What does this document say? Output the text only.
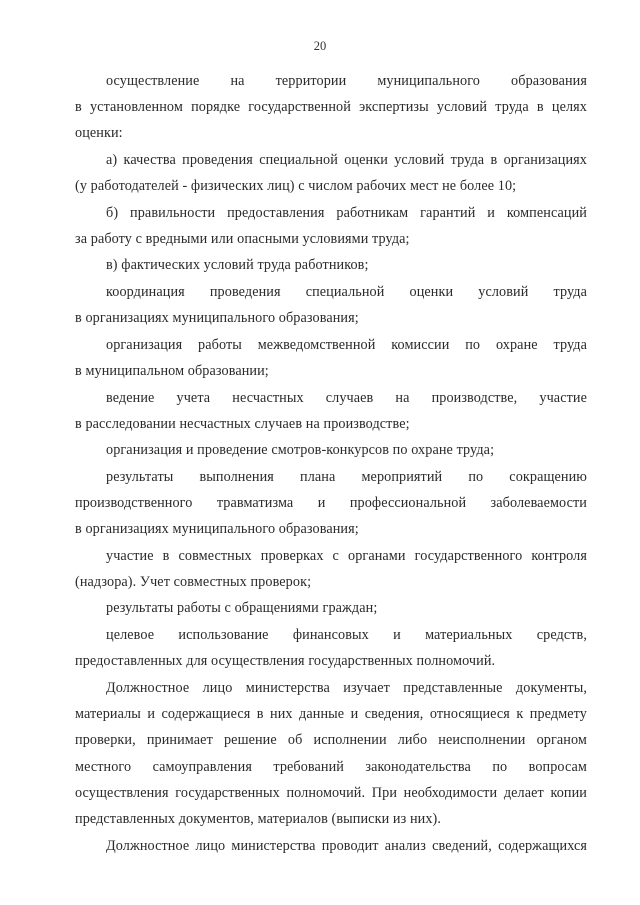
20
осуществление на территории муниципального образования
в установленном порядке государственной экспертизы условий труда в целях
оценки:
а) качества проведения специальной оценки условий труда в организациях
(у работодателей - физических лиц) с числом рабочих мест не более 10;
б) правильности предоставления работникам гарантий и компенсаций
за работу с вредными или опасными условиями труда;
в) фактических условий труда работников;
координация проведения специальной оценки условий труда
в организациях муниципального образования;
организация работы межведомственной комиссии по охране труда
в муниципальном образовании;
ведение учета несчастных случаев на производстве, участие
в расследовании несчастных случаев на производстве;
организация и проведение смотров-конкурсов по охране труда;
результаты выполнения плана мероприятий по сокращению
производственного травматизма и профессиональной заболеваемости
в организациях муниципального образования;
участие в совместных проверках с органами государственного контроля
(надзора). Учет совместных проверок;
результаты работы с обращениями граждан;
целевое использование финансовых и материальных средств,
предоставленных для осуществления государственных полномочий.
Должностное лицо министерства изучает представленные документы,
материалы и содержащиеся в них данные и сведения, относящиеся к предмету
проверки, принимает решение об исполнении либо неисполнении органом
местного самоуправления требований законодательства по вопросам
осуществления государственных полномочий. При необходимости делает копии
представленных документов, материалов (выписки из них).
Должностное лицо министерства проводит анализ сведений, содержащихся
